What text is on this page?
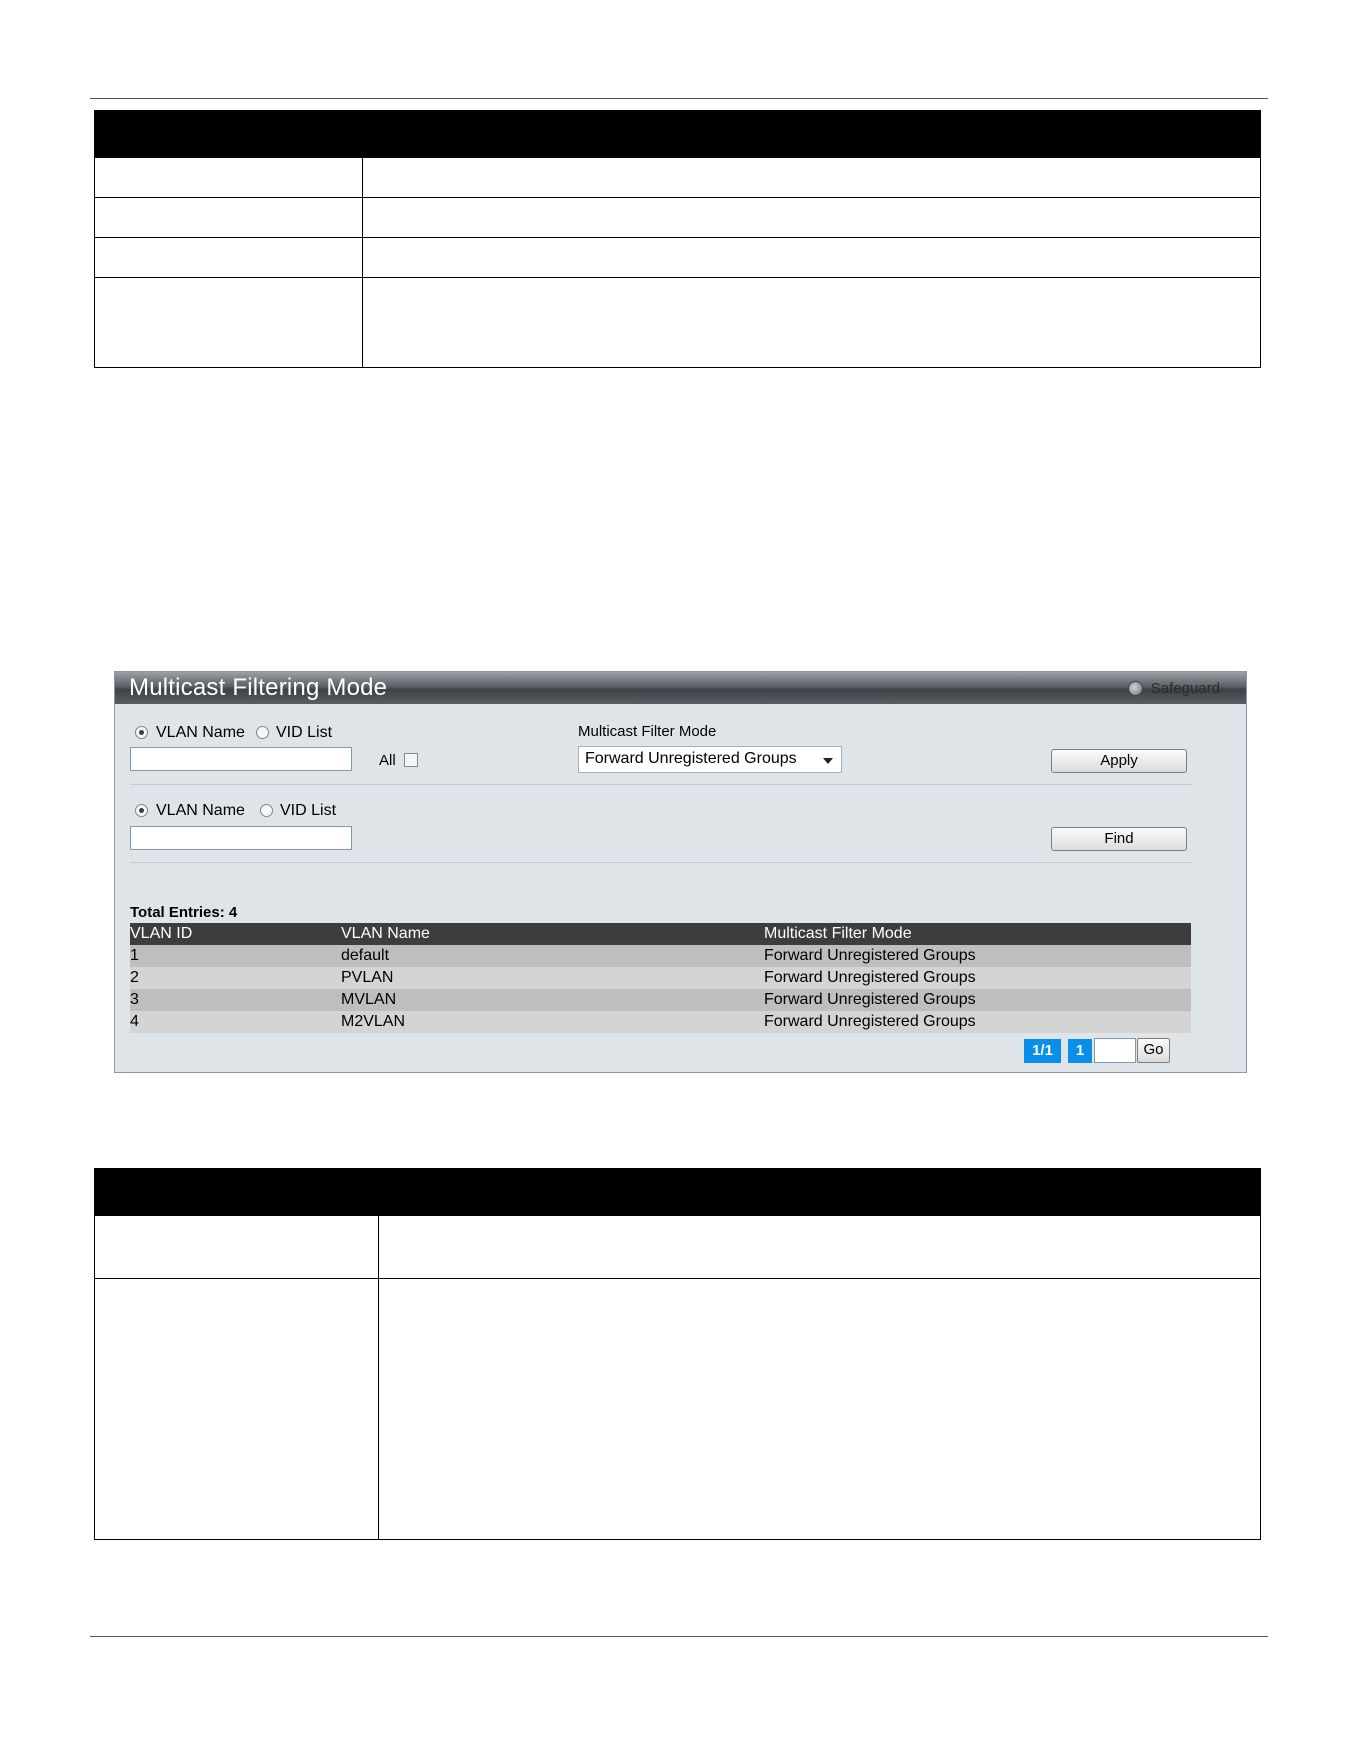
Multicast Filtering Mode	Safeguard
VLAN Name VID List
All
Multicast Filter Mode
Forward Unregistered Groups	Apply
VLAN Name VID List
Find
Total Entries: 4
VLAN ID	VLAN Name	Multicast Filter Mode
1	default	Forward Unregistered Groups
2	PVLAN	Forward Unregistered Groups
3	MVLAN	Forward Unregistered Groups
4	M2VLAN	Forward Unregistered Groups
1/1	1	Go
